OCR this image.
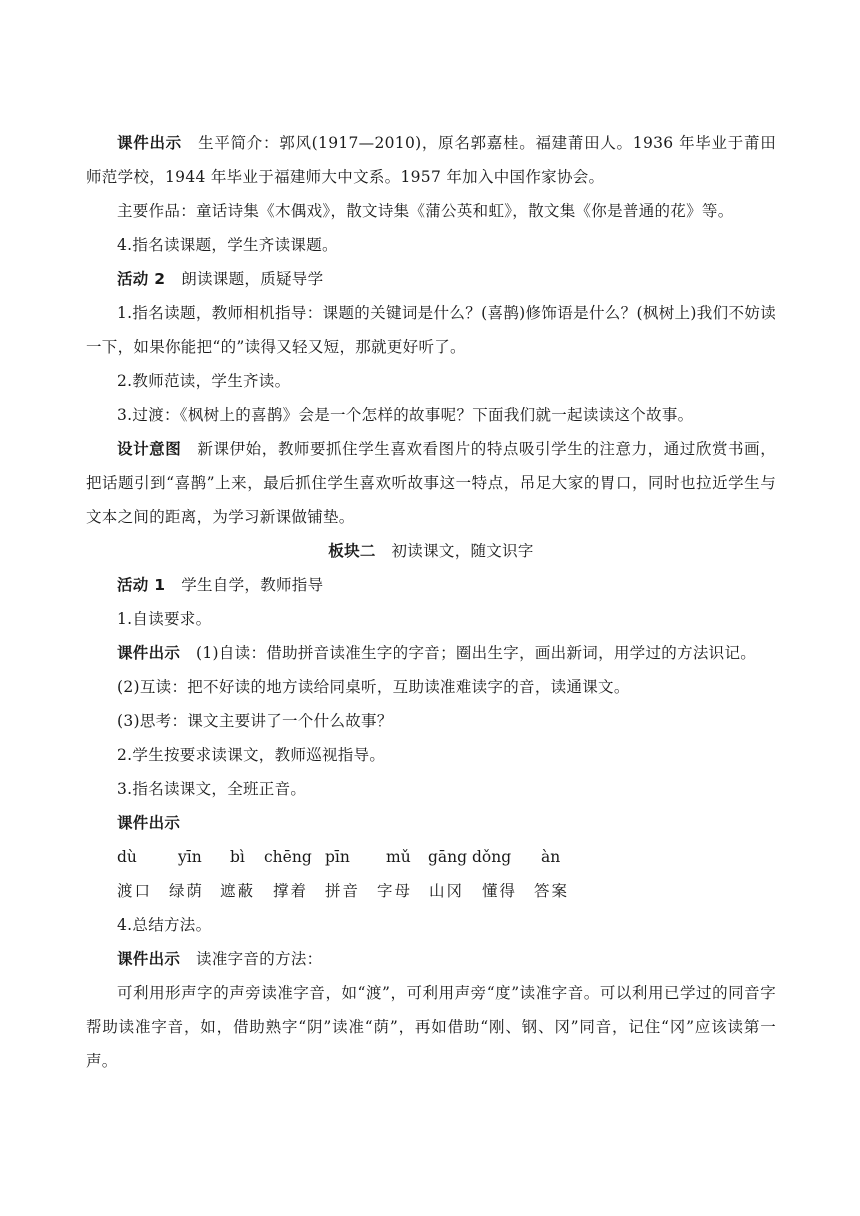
课件出示　 生平简介：郭风(1917—2010)，原名郭嘉桂。福建莆田人。1936 年毕业于莆田师范学校，1944 年毕业于福建师大中文系。1957 年加入中国作家协会。

主要作品：童话诗集《木偶戏》，散文诗集《蒲公英和虹》，散文集《你是普通的花》等。

4.指名读课题，学生齐读课题。

活动 2　 朗读课题，质疑导学

1.指名读题，教师相机指导：课题的关键词是什么？(喜鹊)修饰语是什么？(枫树上)我们不妨读一下，如果你能把“的”读得又轻又短，那就更好听了。

2.教师范读，学生齐读。

3.过渡：《枫树上的喜鹊》会是一个怎样的故事呢？下面我们就一起读读这个故事。

设计意图　 新课伊始，教师要抓住学生喜欢看图片的特点吸引学生的注意力，通过欣赏书画，把话题引到“喜鹊”上来，最后抓住学生喜欢听故事这一特点，吊足大家的胃口，同时也拉近学生与文本之间的距离，为学习新课做铺垫。

板块二　 初读课文，随文识字

活动 1　 学生自学，教师指导

1.自读要求。

课件出示　 (1)自读：借助拼音读准生字的字音；圈出生字，画出新词，用学过的方法识记。

(2)互读：把不好读的地方读给同桌听，互助读准难读字的音，读通课文。

(3)思考：课文主要讲了一个什么故事？

2.学生按要求读课文，教师巡视指导。

3.指名读课文，全班正音。

课件出示

dù	yīn bì chēng pīn mǔ gāng dǒng àn
渡口 绿荫 遮蔽 撑着 拼音 字母 山冈 懂得 答案

4.总结方法。

课件出示　 读准字音的方法：

可利用形声字的声旁读准字音，如“渡”，可利用声旁“度”读准字音。可以利用已学过的同音字帮助读准字音，如，借助熟字“阴”读准“荫”，再如借助“刚、钢、冈”同音，记住“冈”应该读第一声。
